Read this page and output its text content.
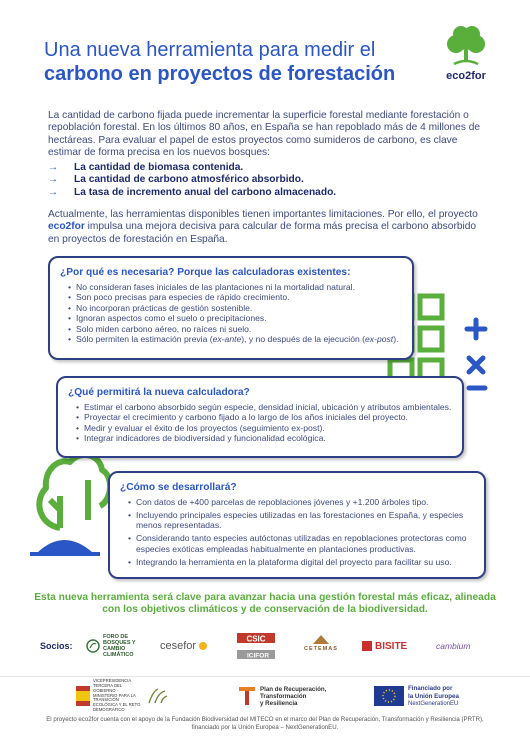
Una nueva herramienta para medir el
carbono en proyectos de forestación	eco2for

La cantidad de carbono fijada puede incrementar la superficie forestal mediante forestación o repoblación forestal. En los últimos 80 años, en España se han repoblado más de 4 millones de hectáreas. Para evaluar el papel de estos proyectos como sumideros de carbono, es clave estimar de forma precisa en los nuevos bosques:

→	La cantidad de biomasa contenida.
→	La cantidad de carbono atmosférico absorbido.
→	La tasa de incremento anual del carbono almacenado.

Actualmente, las herramientas disponibles tienen importantes limitaciones. Por ello, el proyecto eco2for impulsa una mejora decisiva para calcular de forma más precisa el carbono absorbido en proyectos de forestación en España.

¿Por qué es necesaria? Porque las calculadoras existentes:
• No consideran fases iniciales de las plantaciones ni la mortalidad natural.
• Son poco precisas para especies de rápido crecimiento.
• No incorporan prácticas de gestión sostenible.
• Ignoran aspectos como el suelo o precipitaciones.
• Solo miden carbono aéreo, no raíces ni suelo.
• Sólo permiten la estimación previa (ex-ante), y no después de la ejecución (ex-post).
¿Qué permitirá la nueva calculadora?
• Estimar el carbono absorbido según especie, densidad inicial, ubicación y atributos ambientales.
• Proyectar el crecimiento y carbono fijado a lo largo de los años iniciales del proyecto.
• Medir y evaluar el éxito de los proyectos (seguimiento ex-post).
• Integrar indicadores de biodiversidad y funcionalidad ecológica.
¿Cómo se desarrollará?
• Con datos de +400 parcelas de repoblaciones jóvenes y +1.200 árboles tipo.
• Incluyendo principales especies utilizadas en las forestaciones en España, y especies menos representadas.
• Considerando tanto especies autóctonas utilizadas en repoblaciones protectoras como especies exóticas empleadas habitualmente en plantaciones productivas.
• Integrando la herramienta en la plataforma digital del proyecto para facilitar su uso.

Esta nueva herramienta será clave para avanzar hacia una gestión forestal más eficaz, alineada con los objetivos climáticos y de conservación de la biodiversidad.

Socios:
FORO DE BOSQUES Y CAMBIO CLIMÁTICO
cesefor
CSIC
ICIFOR
CETEMAS	BISITE	cambium
VICEPRESIDENCIA TERCERA DEL GOBIERNO · MINISTERIO PARA LA TRANSICIÓN ECOLÓGICA Y EL RETO DEMOGRÁFICO
Plan de Recuperación,
Transformación
y Resiliencia
Financiado por
la Unión Europea
NextGenerationEU

El proyecto eco2for cuenta con el apoyo de la Fundación Biodiversidad del MITECO en el marco del Plan de Recuperación, Transformación y Resiliencia (PRTR), financiado por la Unión Europea – NextGenerationEU.
